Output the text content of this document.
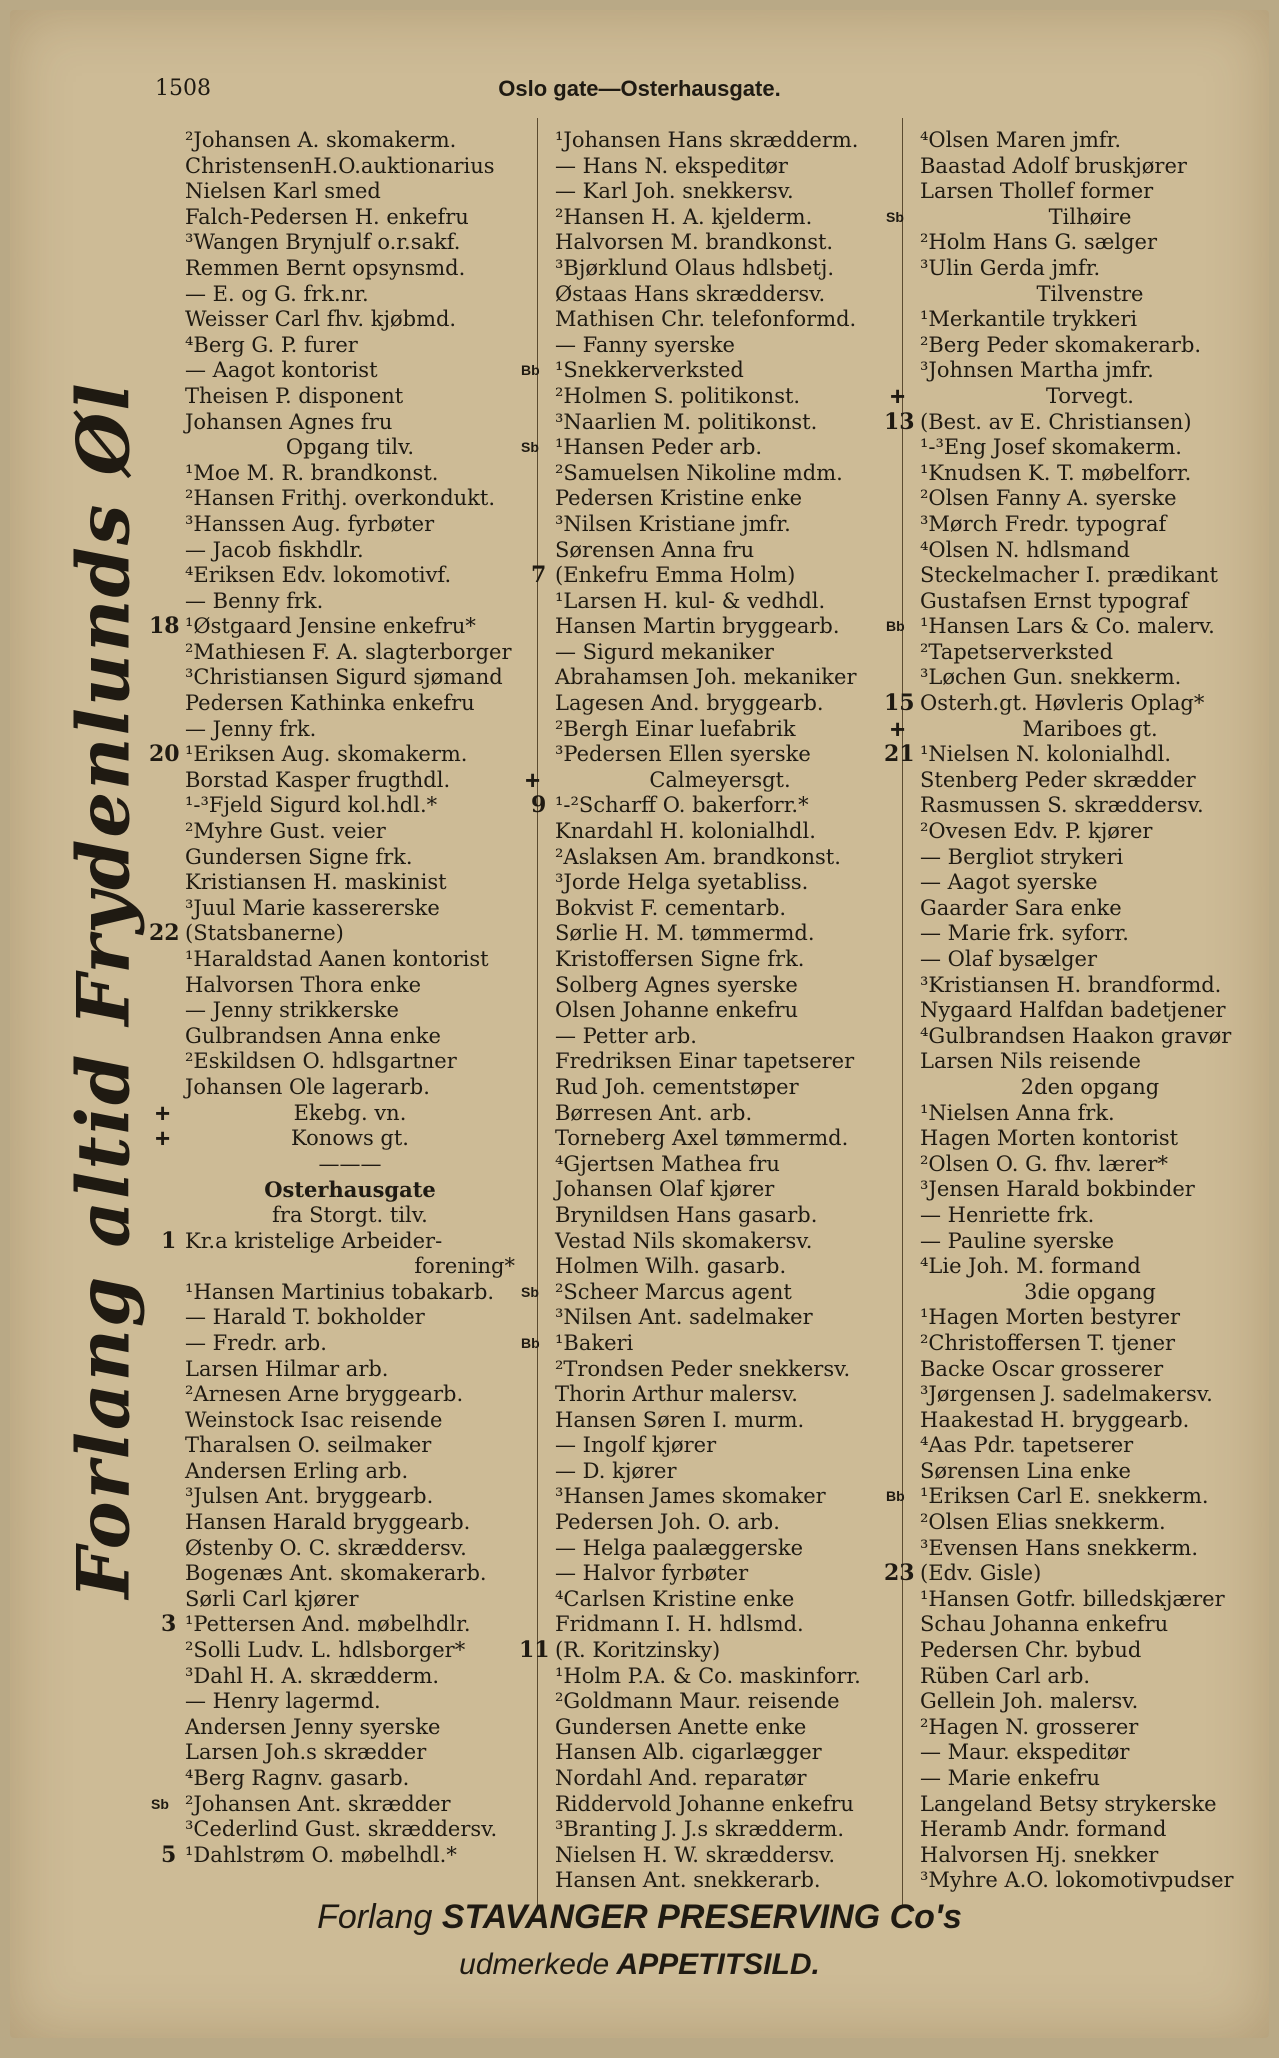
1508	Oslo gate—Osterhausgate.
Forlang altid Frydenlunds Øl
²Johansen A. skomakerm.
ChristensenH.O.auktionarius
Nielsen Karl smed
Falch-Pedersen H. enkefru
³Wangen Brynjulf o.r.sakf.
Remmen Bernt opsynsmd.
— E. og G. frk.nr.
Weisser Carl fhv. kjøbmd.
⁴Berg G. P. furer
— Aagot kontorist
Theisen P. disponent
Johansen Agnes fru
Opgang tilv.
¹Moe M. R. brandkonst.
²Hansen Frithj. overkondukt.
³Hanssen Aug. fyrbøter
— Jacob fiskhdlr.
⁴Eriksen Edv. lokomotivf.
— Benny frk.
18 ¹Østgaard Jensine enkefru*
²Mathiesen F. A. slagterborger
³Christiansen Sigurd sjømand
Pedersen Kathinka enkefru
— Jenny frk.
20 ¹Eriksen Aug. skomakerm.
Borstad Kasper frugthdl.
¹-³Fjeld Sigurd kol.hdl.*
²Myhre Gust. veier
Gundersen Signe frk.
Kristiansen H. maskinist
³Juul Marie kassererske
22 (Statsbanerne)
¹Haraldstad Aanen kontorist
Halvorsen Thora enke
— Jenny strikkerske
Gulbrandsen Anna enke
²Eskildsen O. hdlsgartner
Johansen Ole lagerarb.
+	Ekebg. vn.
+	Konows gt.
———
Osterhausgate
fra Storgt. tilv.
1 Kr.a kristelige Arbeider-
forening*
¹Hansen Martinius tobakarb.
— Harald T. bokholder
— Fredr. arb.
Larsen Hilmar arb.
²Arnesen Arne bryggearb.
Weinstock Isac reisende
Tharalsen O. seilmaker
Andersen Erling arb.
³Julsen Ant. bryggearb.
Hansen Harald bryggearb.
Østenby O. C. skræddersv.
Bogenæs Ant. skomakerarb.
Sørli Carl kjører
3 ¹Pettersen And. møbelhdlr.
²Solli Ludv. L. hdlsborger*
³Dahl H. A. skrædderm.
— Henry lagermd.
Andersen Jenny syerske
Larsen Joh.s skrædder
⁴Berg Ragnv. gasarb.
Sb ²Johansen Ant. skrædder
³Cederlind Gust. skræddersv.
5 ¹Dahlstrøm O. møbelhdl.*
¹Johansen Hans skrædderm.
— Hans N. ekspeditør
— Karl Joh. snekkersv.
²Hansen H. A. kjelderm.
Halvorsen M. brandkonst.
³Bjørklund Olaus hdlsbetj.
Østaas Hans skræddersv.
Mathisen Chr. telefonformd.
— Fanny syerske
Bb ¹Snekkerverksted
²Holmen S. politikonst.
³Naarlien M. politikonst.
Sb ¹Hansen Peder arb.
²Samuelsen Nikoline mdm.
Pedersen Kristine enke
³Nilsen Kristiane jmfr.
Sørensen Anna fru
7 (Enkefru Emma Holm)
¹Larsen H. kul- & vedhdl.
Hansen Martin bryggearb.
— Sigurd mekaniker
Abrahamsen Joh. mekaniker
Lagesen And. bryggearb.
²Bergh Einar luefabrik
³Pedersen Ellen syerske
+	Calmeyersgt.
9 ¹-²Scharff O. bakerforr.*
Knardahl H. kolonialhdl.
²Aslaksen Am. brandkonst.
³Jorde Helga syetabliss.
Bokvist F. cementarb.
Sørlie H. M. tømmermd.
Kristoffersen Signe frk.
Solberg Agnes syerske
Olsen Johanne enkefru
— Petter arb.
Fredriksen Einar tapetserer
Rud Joh. cementstøper
Børresen Ant. arb.
Torneberg Axel tømmermd.
⁴Gjertsen Mathea fru
Johansen Olaf kjører
Brynildsen Hans gasarb.
Vestad Nils skomakersv.
Holmen Wilh. gasarb.
Sb ²Scheer Marcus agent
³Nilsen Ant. sadelmaker
Bb ¹Bakeri
²Trondsen Peder snekkersv.
Thorin Arthur malersv.
Hansen Søren I. murm.
— Ingolf kjører
— D. kjører
³Hansen James skomaker
Pedersen Joh. O. arb.
— Helga paalæggerske
— Halvor fyrbøter
⁴Carlsen Kristine enke
Fridmann I. H. hdlsmd.
11 (R. Koritzinsky)
¹Holm P.A. & Co. maskinforr.
²Goldmann Maur. reisende
Gundersen Anette enke
Hansen Alb. cigarlægger
Nordahl And. reparatør
Riddervold Johanne enkefru
³Branting J. J.s skrædderm.
Nielsen H. W. skræddersv.
Hansen Ant. snekkerarb.
⁴Olsen Maren jmfr.
Baastad Adolf bruskjører
Larsen Thollef former
Sb	Tilhøire
²Holm Hans G. sælger
³Ulin Gerda jmfr.
Tilvenstre
¹Merkantile trykkeri
²Berg Peder skomakerarb.
³Johnsen Martha jmfr.
+	Torvegt.
13 (Best. av E. Christiansen)
¹-³Eng Josef skomakerm.
¹Knudsen K. T. møbelforr.
²Olsen Fanny A. syerske
³Mørch Fredr. typograf
⁴Olsen N. hdlsmand
Steckelmacher I. prædikant
Gustafsen Ernst typograf
Bb ¹Hansen Lars & Co. malerv.
²Tapetserverksted
³Løchen Gun. snekkerm.
15 Osterh.gt. Høvleris Oplag*
+	Mariboes gt.
21 ¹Nielsen N. kolonialhdl.
Stenberg Peder skrædder
Rasmussen S. skræddersv.
²Ovesen Edv. P. kjører
— Bergliot strykeri
— Aagot syerske
Gaarder Sara enke
— Marie frk. syforr.
— Olaf bysælger
³Kristiansen H. brandformd.
Nygaard Halfdan badetjener
⁴Gulbrandsen Haakon gravør
Larsen Nils reisende
2den opgang
¹Nielsen Anna frk.
Hagen Morten kontorist
²Olsen O. G. fhv. lærer*
³Jensen Harald bokbinder
— Henriette frk.
— Pauline syerske
⁴Lie Joh. M. formand
3die opgang
¹Hagen Morten bestyrer
²Christoffersen T. tjener
Backe Oscar grosserer
³Jørgensen J. sadelmakersv.
Haakestad H. bryggearb.
⁴Aas Pdr. tapetserer
Sørensen Lina enke
Bb ¹Eriksen Carl E. snekkerm.
²Olsen Elias snekkerm.
³Evensen Hans snekkerm.
23 (Edv. Gisle)
¹Hansen Gotfr. billedskjærer
Schau Johanna enkefru
Pedersen Chr. bybud
Rüben Carl arb.
Gellein Joh. malersv.
²Hagen N. grosserer
— Maur. ekspeditør
— Marie enkefru
Langeland Betsy strykerske
Heramb Andr. formand
Halvorsen Hj. snekker
³Myhre A.O. lokomotivpudser
Forlang STAVANGER PRESERVING Co's
udmerkede APPETITSILD.
